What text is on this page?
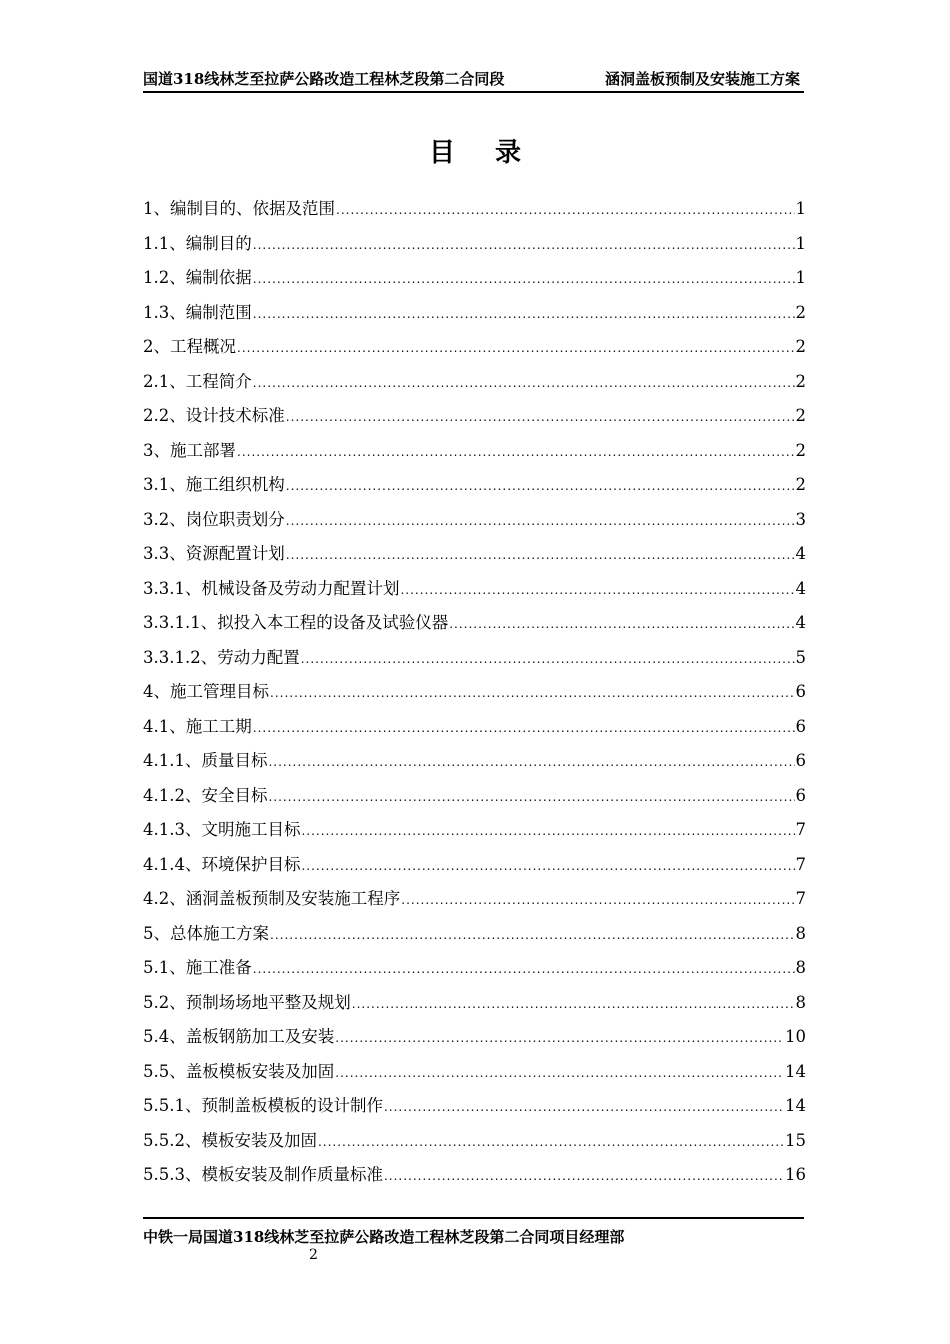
国道318线林芝至拉萨公路改造工程林芝段第二合同段	涵洞盖板预制及安装施工方案
目录
1、编制目的、依据及范围 .....	1
1.1、编制目的 .....	1
1.2、编制依据 .....	1
1.3、编制范围 .....	2
2、工程概况 .....	2
2.1、工程简介 .....	2
2.2、设计技术标准 .....	2
3、施工部署 .....	2
3.1、施工组织机构 .....	2
3.2、岗位职责划分 .....	3
3.3、资源配置计划 .....	4
3.3.1、机械设备及劳动力配置计划 .....	4
3.3.1.1、拟投入本工程的设备及试验仪器 .....	4
3.3.1.2、劳动力配置 .....	5
4、施工管理目标 .....	6
4.1、施工工期 .....	6
4.1.1、质量目标 .....	6
4.1.2、安全目标 .....	6
4.1.3、文明施工目标 .....	7
4.1.4、环境保护目标 .....	7
4.2、涵洞盖板预制及安装施工程序 .....	7
5、总体施工方案 .....	8
5.1、施工准备 .....	8
5.2、预制场场地平整及规划 .....	8
5.4、盖板钢筋加工及安装 .....	10
5.5、盖板模板安装及加固 .....	14
5.5.1、预制盖板模板的设计制作 .....	14
5.5.2、模板安装及加固 .....	15
5.5.3、模板安装及制作质量标准 .....	16
中铁一局国道318线林芝至拉萨公路改造工程林芝段第二合同项目经理部
2
